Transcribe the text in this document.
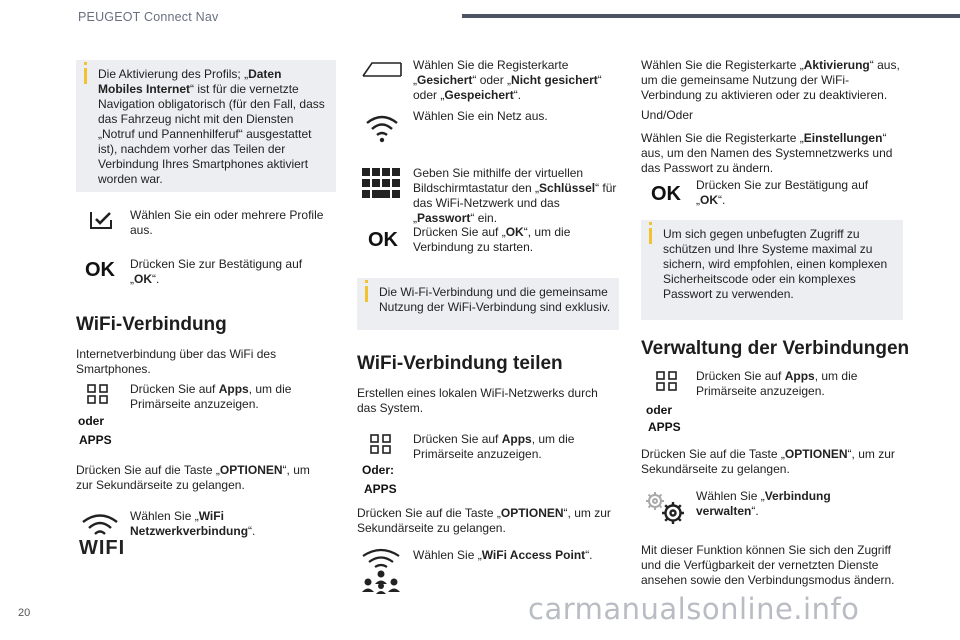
PEUGEOT Connect Nav
Die Aktivierung des Profils; „Daten Mobiles Internet“ ist für die vernetzte Navigation obligatorisch (für den Fall, dass das Fahrzeug nicht mit den Diensten „Notruf und Pannenhilferuf“ ausgestattet ist), nachdem vorher das Teilen der Verbindung Ihres Smartphones aktiviert worden war.
Wählen Sie ein oder mehrere Profile aus.
OK Drücken Sie zur Bestätigung auf „OK“.
WiFi-Verbindung
Internetverbindung über das WiFi des Smartphones.
oder
APPS
Drücken Sie auf Apps, um die Primärseite anzuzeigen.
Drücken Sie auf die Taste „OPTIONEN“, um zur Sekundärseite zu gelangen.
WIFI
Wählen Sie „WiFi Netzwerkverbindung“.
Wählen Sie die Registerkarte „Gesichert“ oder „Nicht gesichert“ oder „Gespeichert“.
Wählen Sie ein Netz aus.
Geben Sie mithilfe der virtuellen Bildschirmtastatur den „Schlüssel“ für das WiFi-Netzwerk und das „Passwort“ ein.
OK Drücken Sie auf „OK“, um die Verbindung zu starten.
Die Wi-Fi-Verbindung und die gemeinsame Nutzung der WiFi-Verbindung sind exklusiv.
WiFi-Verbindung teilen
Erstellen eines lokalen WiFi-Netzwerks durch das System.
Oder:
APPS
Drücken Sie auf Apps, um die Primärseite anzuzeigen.
Drücken Sie auf die Taste „OPTIONEN“, um zur Sekundärseite zu gelangen.
Wählen Sie „WiFi Access Point“.
Wählen Sie die Registerkarte „Aktivierung“ aus, um die gemeinsame Nutzung der WiFi-Verbindung zu aktivieren oder zu deaktivieren.
Und/Oder
Wählen Sie die Registerkarte „Einstellungen“ aus, um den Namen des Systemnetzwerks und das Passwort zu ändern.
OK Drücken Sie zur Bestätigung auf „OK“.
Um sich gegen unbefugten Zugriff zu schützen und Ihre Systeme maximal zu sichern, wird empfohlen, einen komplexen Sicherheitscode oder ein komplexes Passwort zu verwenden.
Verwaltung der Verbindungen
oder
APPS
Drücken Sie auf Apps, um die Primärseite anzuzeigen.
Drücken Sie auf die Taste „OPTIONEN“, um zur Sekundärseite zu gelangen.
Wählen Sie „Verbindung verwalten“.
Mit dieser Funktion können Sie sich den Zugriff und die Verfügbarkeit der vernetzten Dienste ansehen sowie den Verbindungsmodus ändern.
20	carmanualsonline.info
